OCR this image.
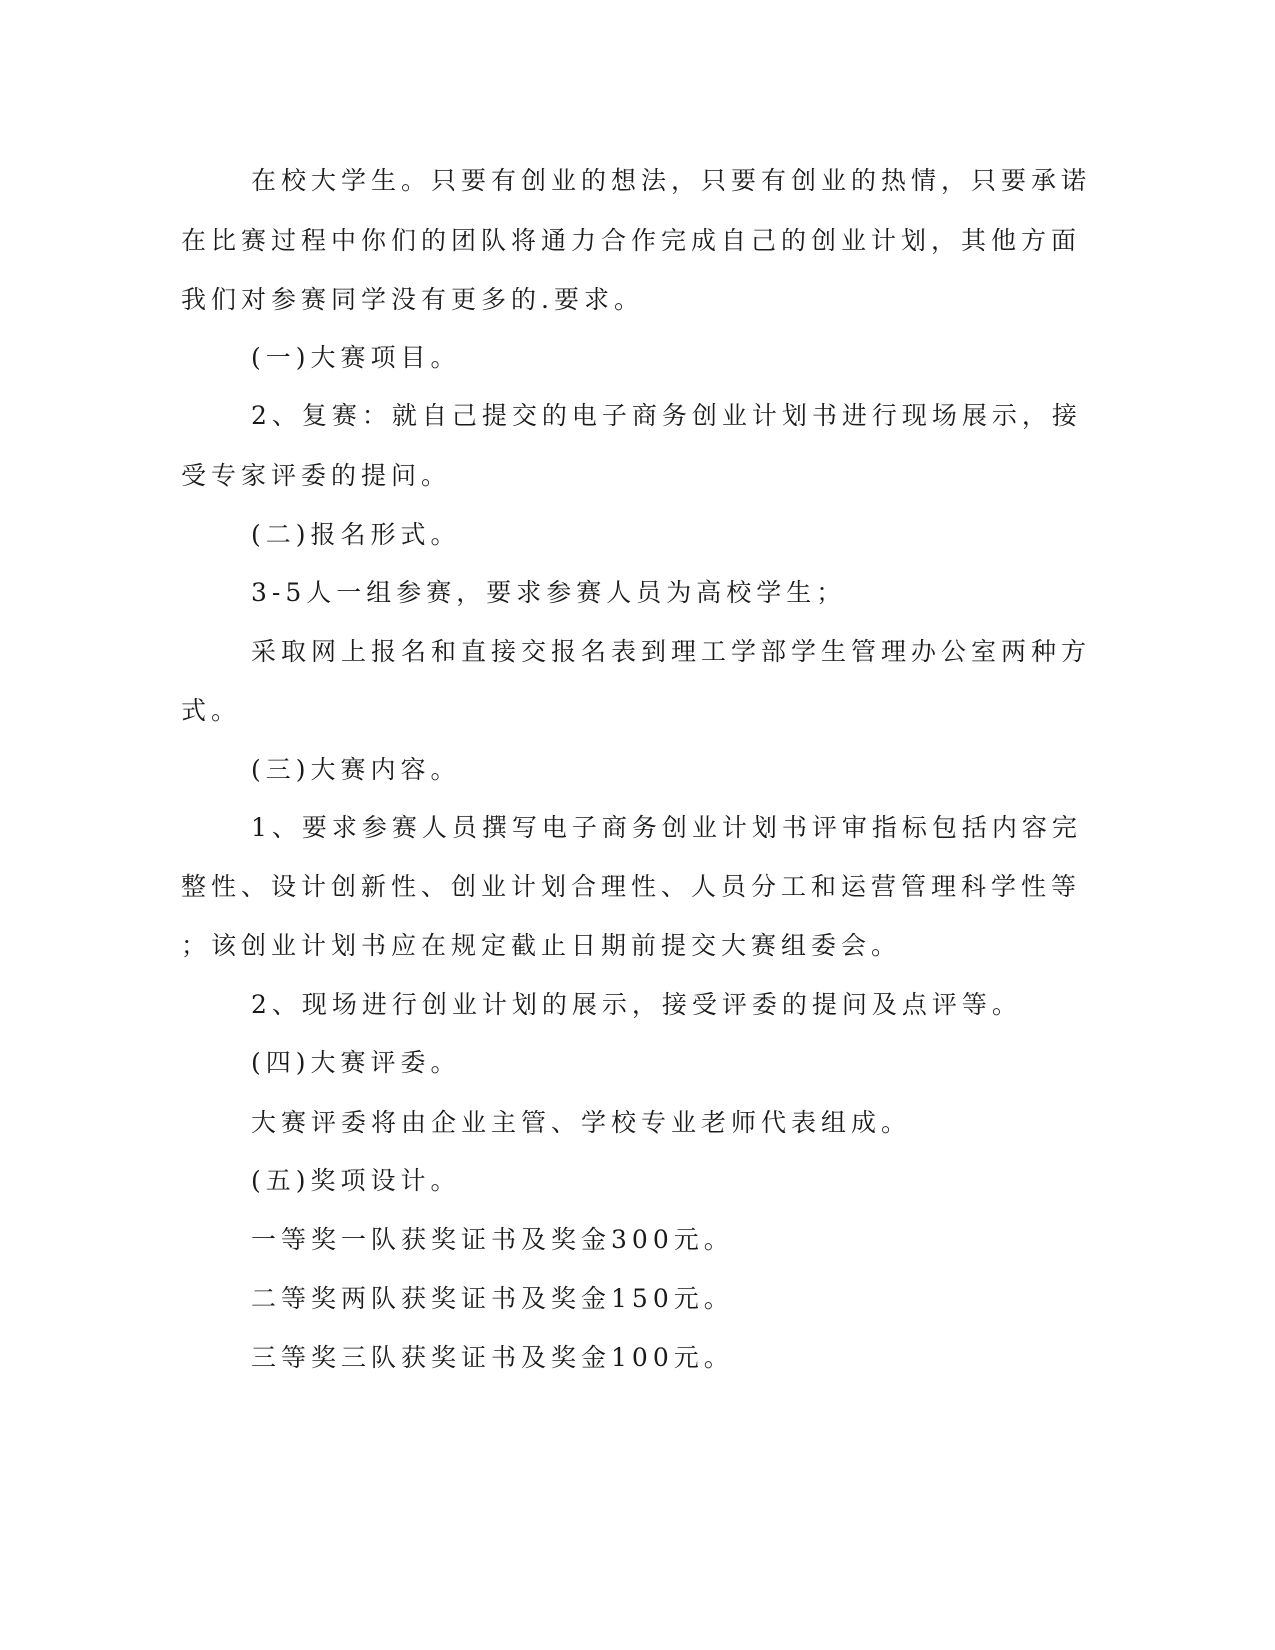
在校大学生。只要有创业的想法，只要有创业的热情，只要承诺

在比赛过程中你们的团队将通力合作完成自己的创业计划，其他方面

我们对参赛同学没有更多的.要求。

(一)大赛项目。

2、复赛：就自己提交的电子商务创业计划书进行现场展示，接

受专家评委的提问。

(二)报名形式。

3-5人一组参赛，要求参赛人员为高校学生；

采取网上报名和直接交报名表到理工学部学生管理办公室两种方

式。

(三)大赛内容。

1、要求参赛人员撰写电子商务创业计划书评审指标包括内容完

整性、设计创新性、创业计划合理性、人员分工和运营管理科学性等

；该创业计划书应在规定截止日期前提交大赛组委会。

2、现场进行创业计划的展示，接受评委的提问及点评等。

(四)大赛评委。

大赛评委将由企业主管、学校专业老师代表组成。

(五)奖项设计。

一等奖一队获奖证书及奖金300元。

二等奖两队获奖证书及奖金150元。

三等奖三队获奖证书及奖金100元。
